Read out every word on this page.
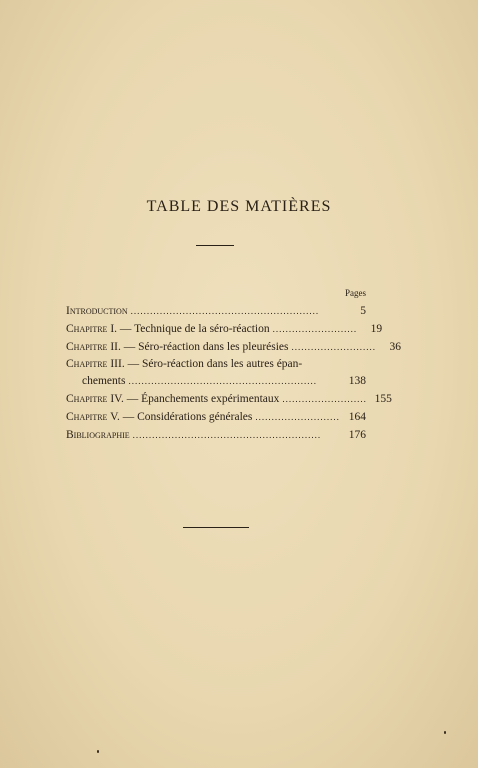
TABLE DES MATIÈRES
Pages
Introduction ..........................................................	5
Chapitre I. — Technique de la séro-réaction ..........................	19
Chapitre II. — Séro-réaction dans les pleurésies ..........................	36
Chapitre III. — Séro-réaction dans les autres épan-
chements ..........................................................	138
Chapitre IV. — Épanchements expérimentaux .......................... 155
Chapitre V. — Considérations générales .......................... 164
Bibliographie ..........................................................	176
